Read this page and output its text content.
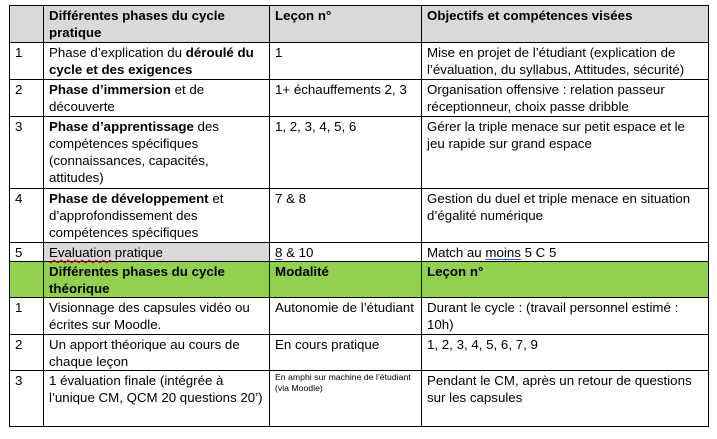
	Différentes phases du cycle pratique	Leçon n°	Objectifs et compétences visées
1	Phase d’explication du déroulé du cycle et des exigences	1	Mise en projet de l’étudiant (explication de l’évaluation, du syllabus, Attitudes, sécurité)
2	Phase d’immersion et de découverte	1+ échauffements 2, 3	Organisation offensive : relation passeur réceptionneur, choix passe dribble
3	Phase d’apprentissage des compétences spécifiques (connaissances, capacités, attitudes)	1, 2, 3, 4, 5, 6	Gérer la triple menace sur petit espace et le jeu rapide sur grand espace
4	Phase de développement et d’approfondissement des compétences spécifiques	7 & 8	Gestion du duel et triple menace en situation d’égalité numérique
5	Evaluation pratique	8 & 10	Match au moins 5 C 5
	Différentes phases du cycle théorique	Modalité	Leçon n°
1	Visionnage des capsules vidéo ou écrites sur Moodle.	Autonomie de l’étudiant	Durant le cycle : (travail personnel estimé : 10h)
2	Un apport théorique au cours de chaque leçon	En cours pratique	1, 2, 3, 4, 5, 6, 7, 9
3	1 évaluation finale (intégrée à l’unique CM, QCM 20 questions 20’)	En amphi sur machine de l’étudiant (via Moodle)	Pendant le CM, après un retour de questions sur les capsules
